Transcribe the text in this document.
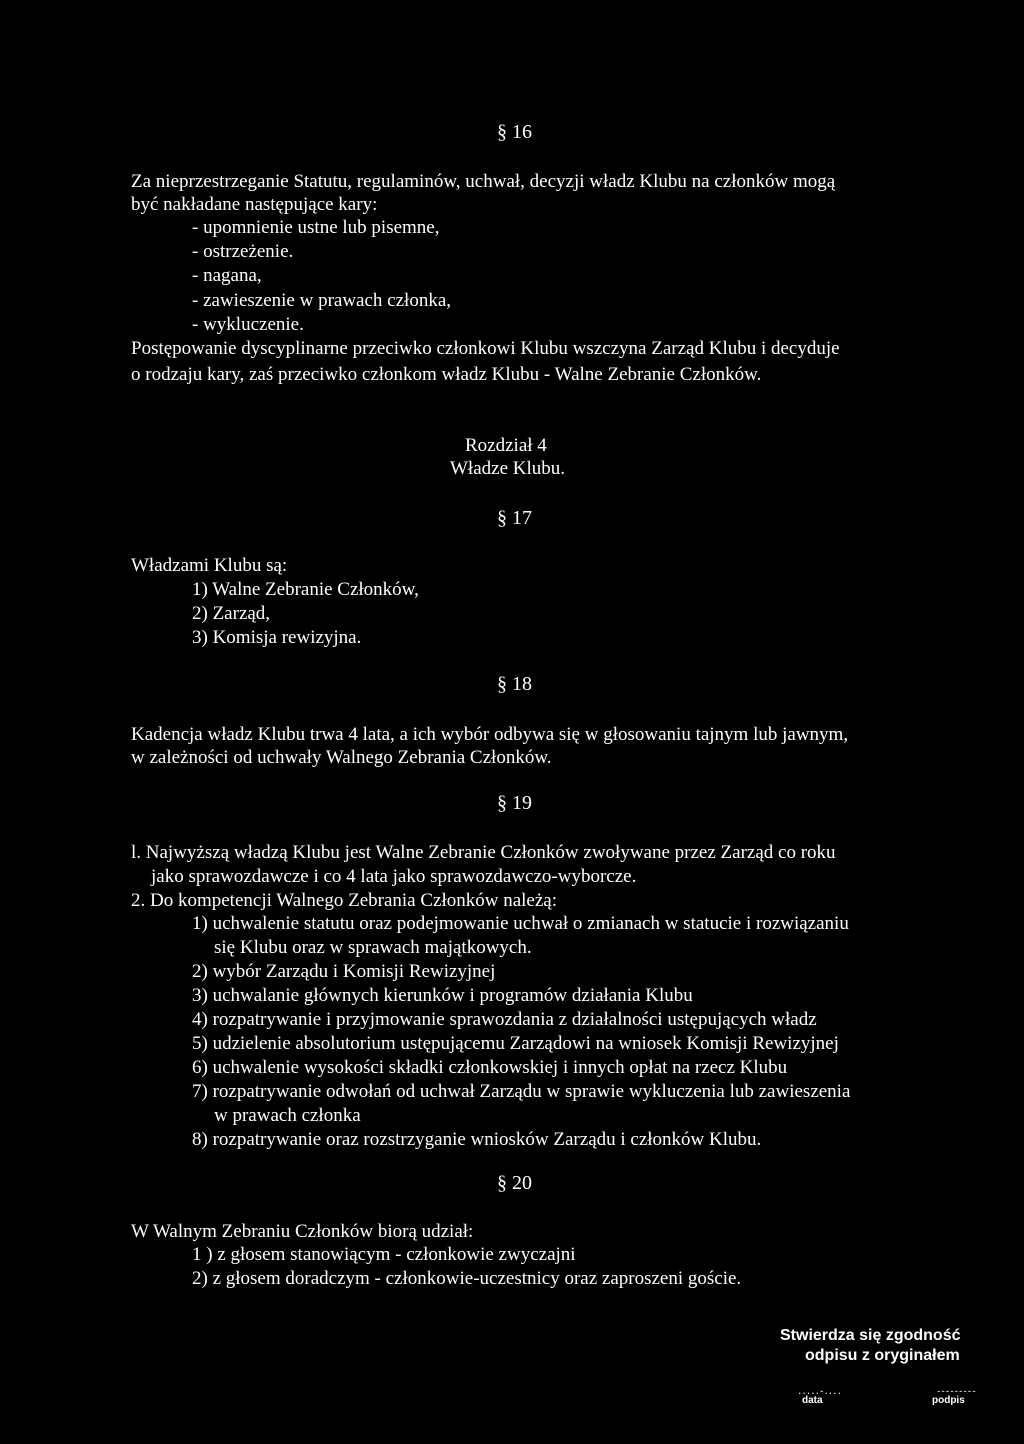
§ 16
Za nieprzestrzeganie Statutu, regulaminów, uchwał, decyzji władz Klubu na członków mogą
być nakładane następujące kary:
- upomnienie ustne lub pisemne,
- ostrzeżenie.
- nagana,
- zawieszenie w prawach członka,
- wykluczenie.
Postępowanie dyscyplinarne przeciwko członkowi Klubu wszczyna Zarząd Klubu i decyduje
o rodzaju kary, zaś przeciwko członkom władz Klubu - Walne Zebranie Członków.
Rozdział 4
Władze Klubu.
§ 17
Władzami Klubu są:
1) Walne Zebranie Członków,
2) Zarząd,
3) Komisja rewizyjna.
§ 18
Kadencja władz Klubu trwa 4 lata, a ich wybór odbywa się w głosowaniu tajnym lub jawnym,
w zależności od uchwały Walnego Zebrania Członków.
§ 19
l. Najwyższą władzą Klubu jest Walne Zebranie Członków zwoływane przez Zarząd co roku
jako sprawozdawcze i co 4 lata jako sprawozdawczo-wyborcze.
2. Do kompetencji Walnego Zebrania Członków należą:
1) uchwalenie statutu oraz podejmowanie uchwał o zmianach w statucie i rozwiązaniu
się Klubu oraz w sprawach majątkowych.
2) wybór Zarządu i Komisji Rewizyjnej
3) uchwalanie głównych kierunków i programów działania Klubu
4) rozpatrywanie i przyjmowanie sprawozdania z działalności ustępujących władz
5) udzielenie absolutorium ustępującemu Zarządowi na wniosek Komisji Rewizyjnej
6) uchwalenie wysokości składki członkowskiej i innych opłat na rzecz Klubu
7) rozpatrywanie odwołań od uchwał Zarządu w sprawie wykluczenia lub zawieszenia
w prawach członka
8) rozpatrywanie oraz rozstrzyganie wniosków Zarządu i członków Klubu.
§ 20
W Walnym Zebraniu Członków biorą udział:
1 ) z głosem stanowiącym - członkowie zwyczajni
2) z głosem doradczym - członkowie-uczestnicy oraz zaproszeni goście.
Stwierdza się zgodność
odpisu z oryginałem
.....-....	---------
data	podpis
